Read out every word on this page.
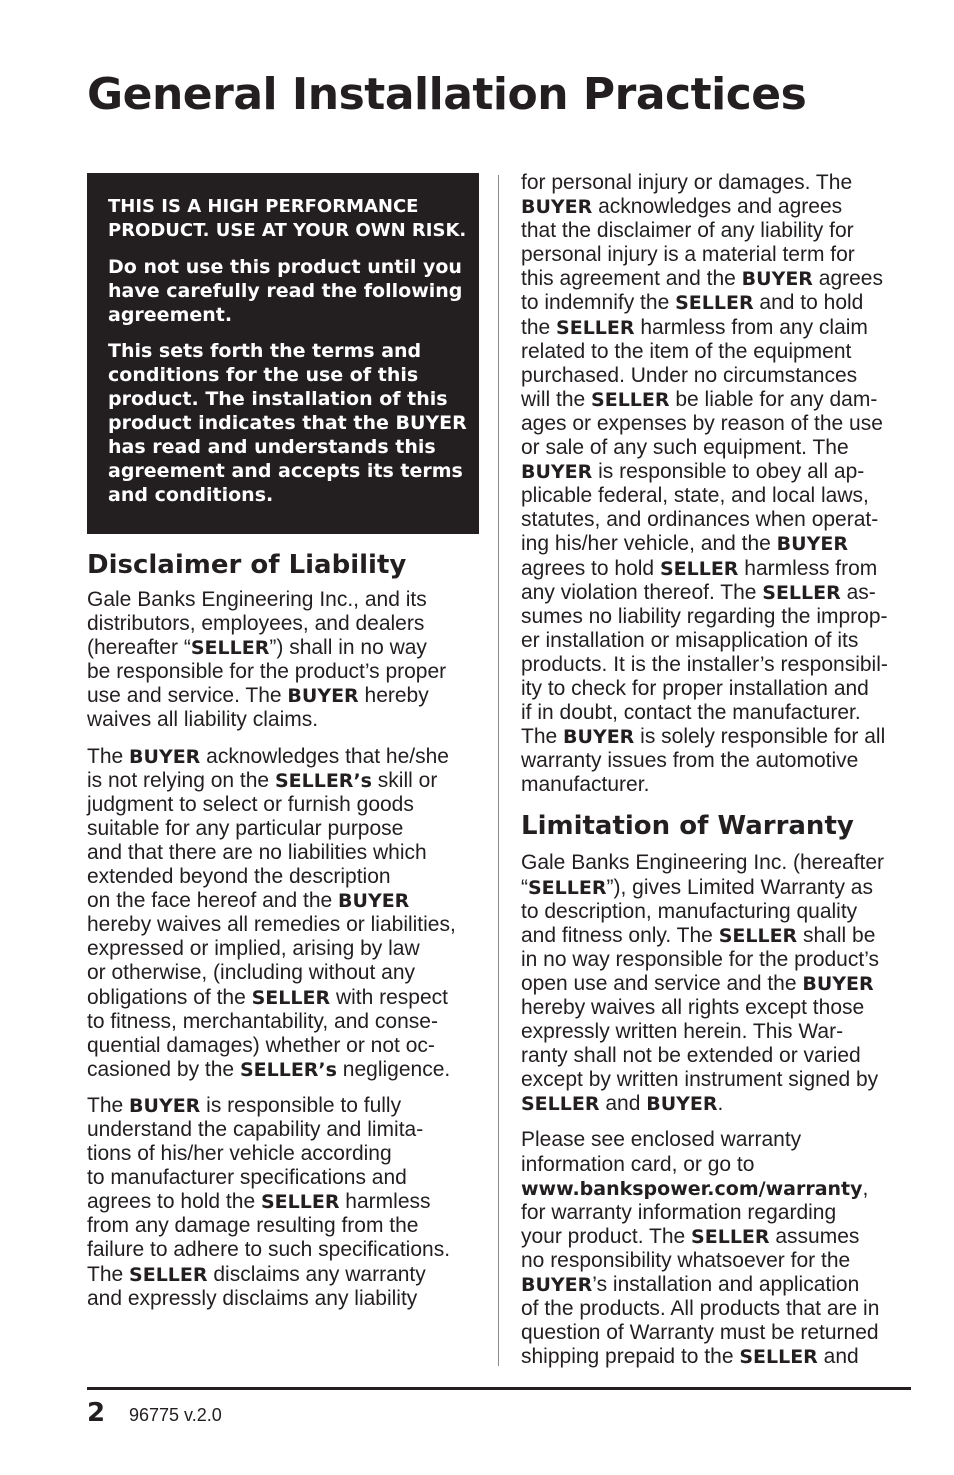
General Installation Practices

THIS IS A HIGH PERFORMANCE PRODUCT. USE AT YOUR OWN RISK.

Do not use this product until you have carefully read the following agreement.

This sets forth the terms and conditions for the use of this product. The installation of this product indicates that the BUYER has read and understands this agreement and accepts its terms and conditions.

Disclaimer of Liability

Gale Banks Engineering Inc., and its
distributors, employees, and dealers
(hereafter “SELLER”) shall in no way
be responsible for the product’s proper
use and service. The BUYER hereby
waives all liability claims.

The BUYER acknowledges that he/she
is not relying on the SELLER’s skill or
judgment to select or furnish goods
suitable for any particular purpose
and that there are no liabilities which
extended beyond the description
on the face hereof and the BUYER
hereby waives all remedies or liabilities,
expressed or implied, arising by law
or otherwise, (including without any
obligations of the SELLER with respect
to fitness, merchantability, and conse-
quential damages) whether or not oc-
casioned by the SELLER’s negligence.

The BUYER is responsible to fully
understand the capability and limita-
tions of his/her vehicle according
to manufacturer specifications and
agrees to hold the SELLER harmless
from any damage resulting from the
failure to adhere to such specifications.
The SELLER disclaims any warranty
and expressly disclaims any liability

for personal injury or damages. The
BUYER acknowledges and agrees
that the disclaimer of any liability for
personal injury is a material term for
this agreement and the BUYER agrees
to indemnify the SELLER and to hold
the SELLER harmless from any claim
related to the item of the equipment
purchased. Under no circumstances
will the SELLER be liable for any dam-
ages or expenses by reason of the use
or sale of any such equipment. The
BUYER is responsible to obey all ap-
plicable federal, state, and local laws,
statutes, and ordinances when operat-
ing his/her vehicle, and the BUYER
agrees to hold SELLER harmless from
any violation thereof. The SELLER as-
sumes no liability regarding the improp-
er installation or misapplication of its
products. It is the installer’s responsibil-
ity to check for proper installation and
if in doubt, contact the manufacturer.
The BUYER is solely responsible for all
warranty issues from the automotive
manufacturer.

Limitation of Warranty

Gale Banks Engineering Inc. (hereafter
“SELLER”), gives Limited Warranty as
to description, manufacturing quality
and fitness only. The SELLER shall be
in no way responsible for the product’s
open use and service and the BUYER
hereby waives all rights except those
expressly written herein. This War-
ranty shall not be extended or varied
except by written instrument signed by
SELLER and BUYER.

Please see enclosed warranty
information card, or go to
www.bankspower.com/warranty,
for warranty information regarding
your product. The SELLER assumes
no responsibility whatsoever for the
BUYER’s installation and application
of the products. All products that are in
question of Warranty must be returned
shipping prepaid to the SELLER and

2 96775 v.2.0
